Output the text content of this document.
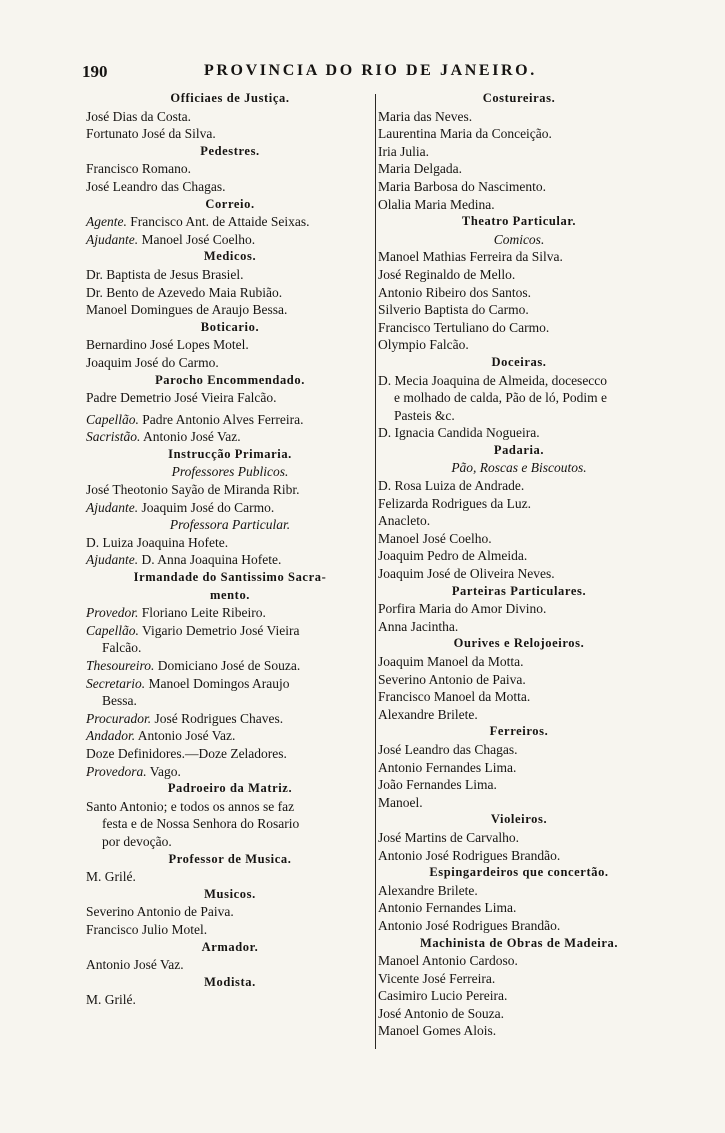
190	PROVINCIA DO RIO DE JANEIRO.
Officiaes de Justiça.
José Dias da Costa.
Fortunato José da Silva.
Pedestres.
Francisco Romano.
José Leandro das Chagas.
Correio.
Agente. Francisco Ant. de Attaide Seixas.
Ajudante. Manoel José Coelho.
Medicos.
Dr. Baptista de Jesus Brasiel.
Dr. Bento de Azevedo Maia Rubião.
Manoel Domingues de Araujo Bessa.
Boticario.
Bernardino José Lopes Motel.
Joaquim José do Carmo.
Parocho Encommendado.
Padre Demetrio José Vieira Falcão.
Capellão. Padre Antonio Alves Ferreira.
Sacristão. Antonio José Vaz.
Instrucção Primaria.
Professores Publicos.
José Theotonio Sayão de Miranda Ribr.
Ajudante. Joaquim José do Carmo.
Professora Particular.
D. Luiza Joaquina Hofete.
Ajudante. D. Anna Joaquina Hofete.
Irmandade do Santissimo Sacra-
mento.
Provedor. Floriano Leite Ribeiro.
Capellão. Vigario Demetrio José Vieira
Falcão.
Thesoureiro. Domiciano José de Souza.
Secretario. Manoel Domingos Araujo
Bessa.
Procurador. José Rodrigues Chaves.
Andador. Antonio José Vaz.
Doze Definidores.—Doze Zeladores.
Provedora. Vago.
Padroeiro da Matriz.
Santo Antonio; e todos os annos se faz
festa e de Nossa Senhora do Rosario
por devoção.
Professor de Musica.
M. Grilé.
Musicos.
Severino Antonio de Paiva.
Francisco Julio Motel.
Armador.
Antonio José Vaz.
Modista.
M. Grilé.
Costureiras.
Maria das Neves.
Laurentina Maria da Conceição.
Iria Julia.
Maria Delgada.
Maria Barbosa do Nascimento.
Olalia Maria Medina.
Theatro Particular.
Comicos.
Manoel Mathias Ferreira da Silva.
José Reginaldo de Mello.
Antonio Ribeiro dos Santos.
Silverio Baptista do Carmo.
Francisco Tertuliano do Carmo.
Olympio Falcão.
Doceiras.
D. Mecia Joaquina de Almeida, docesecco
e molhado de calda, Pão de ló, Podim e
Pasteis &c.
D. Ignacia Candida Nogueira.
Padaria.
Pão, Roscas e Biscoutos.
D. Rosa Luiza de Andrade.
Felizarda Rodrigues da Luz.
Anacleto.
Manoel José Coelho.
Joaquim Pedro de Almeida.
Joaquim José de Oliveira Neves.
Parteiras Particulares.
Porfira Maria do Amor Divino.
Anna Jacintha.
Ourives e Relojoeiros.
Joaquim Manoel da Motta.
Severino Antonio de Paiva.
Francisco Manoel da Motta.
Alexandre Brilete.
Ferreiros.
José Leandro das Chagas.
Antonio Fernandes Lima.
João Fernandes Lima.
Manoel.
Violeiros.
José Martins de Carvalho.
Antonio José Rodrigues Brandão.
Espingardeiros que concertão.
Alexandre Brilete.
Antonio Fernandes Lima.
Antonio José Rodrigues Brandão.
Machinista de Obras de Madeira.
Manoel Antonio Cardoso.
Vicente José Ferreira.
Casimiro Lucio Pereira.
José Antonio de Souza.
Manoel Gomes Alois.
